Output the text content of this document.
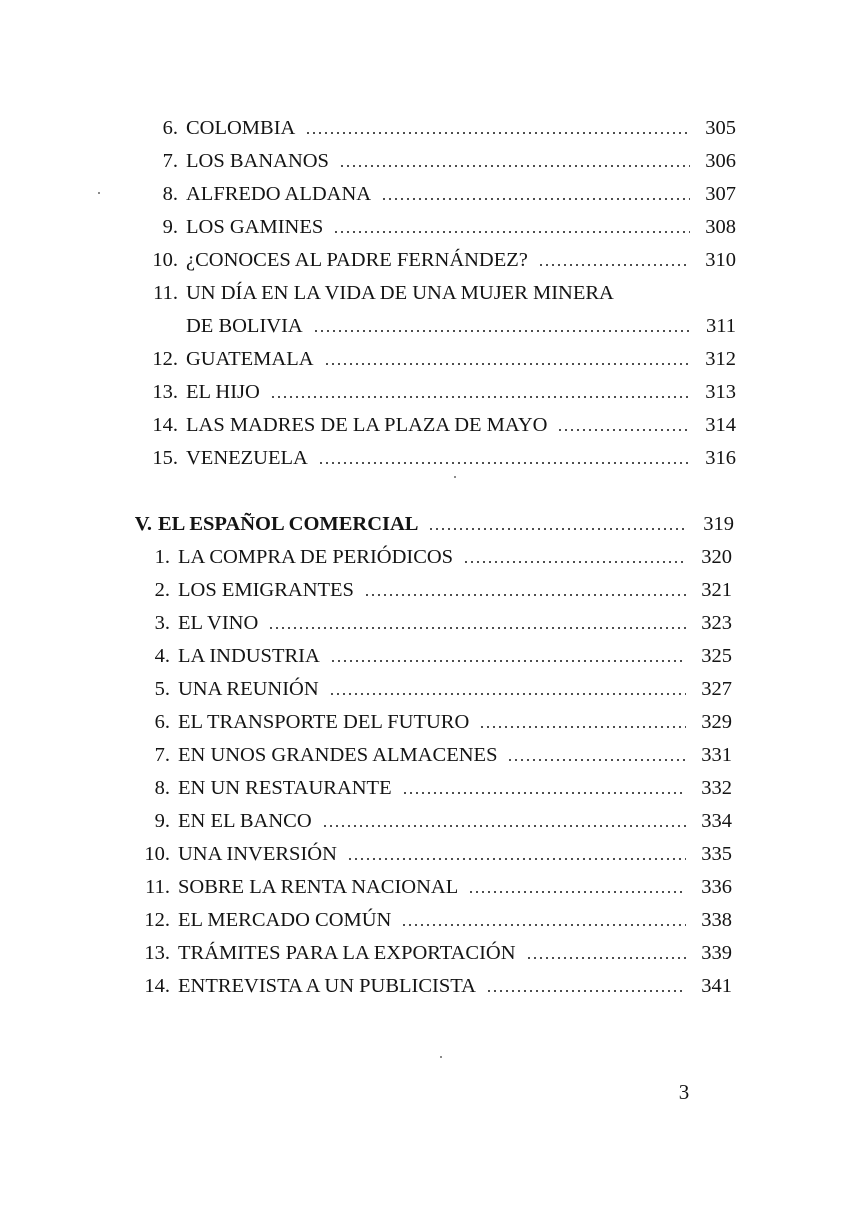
6. COLOMBIA	305
7. LOS BANANOS	306
8. ALFREDO ALDANA	307
9. LOS GAMINES	308
10. ¿CONOCES AL PADRE FERNÁNDEZ?	310
11. UN DÍA EN LA VIDA DE UNA MUJER MINERA
DE BOLIVIA	311
12. GUATEMALA	312
13. EL HIJO	313
14. LAS MADRES DE LA PLAZA DE MAYO	314
15. VENEZUELA	316
V. EL ESPAÑOL COMERCIAL	319
1. LA COMPRA DE PERIÓDICOS	320
2. LOS EMIGRANTES	321
3. EL VINO	323
4. LA INDUSTRIA	325
5. UNA REUNIÓN	327
6. EL TRANSPORTE DEL FUTURO	329
7. EN UNOS GRANDES ALMACENES	331
8. EN UN RESTAURANTE	332
9. EN EL BANCO	334
10. UNA INVERSIÓN	335
11. SOBRE LA RENTA NACIONAL	336
12. EL MERCADO COMÚN	338
13. TRÁMITES PARA LA EXPORTACIÓN	339
14. ENTREVISTA A UN PUBLICISTA	341
3
